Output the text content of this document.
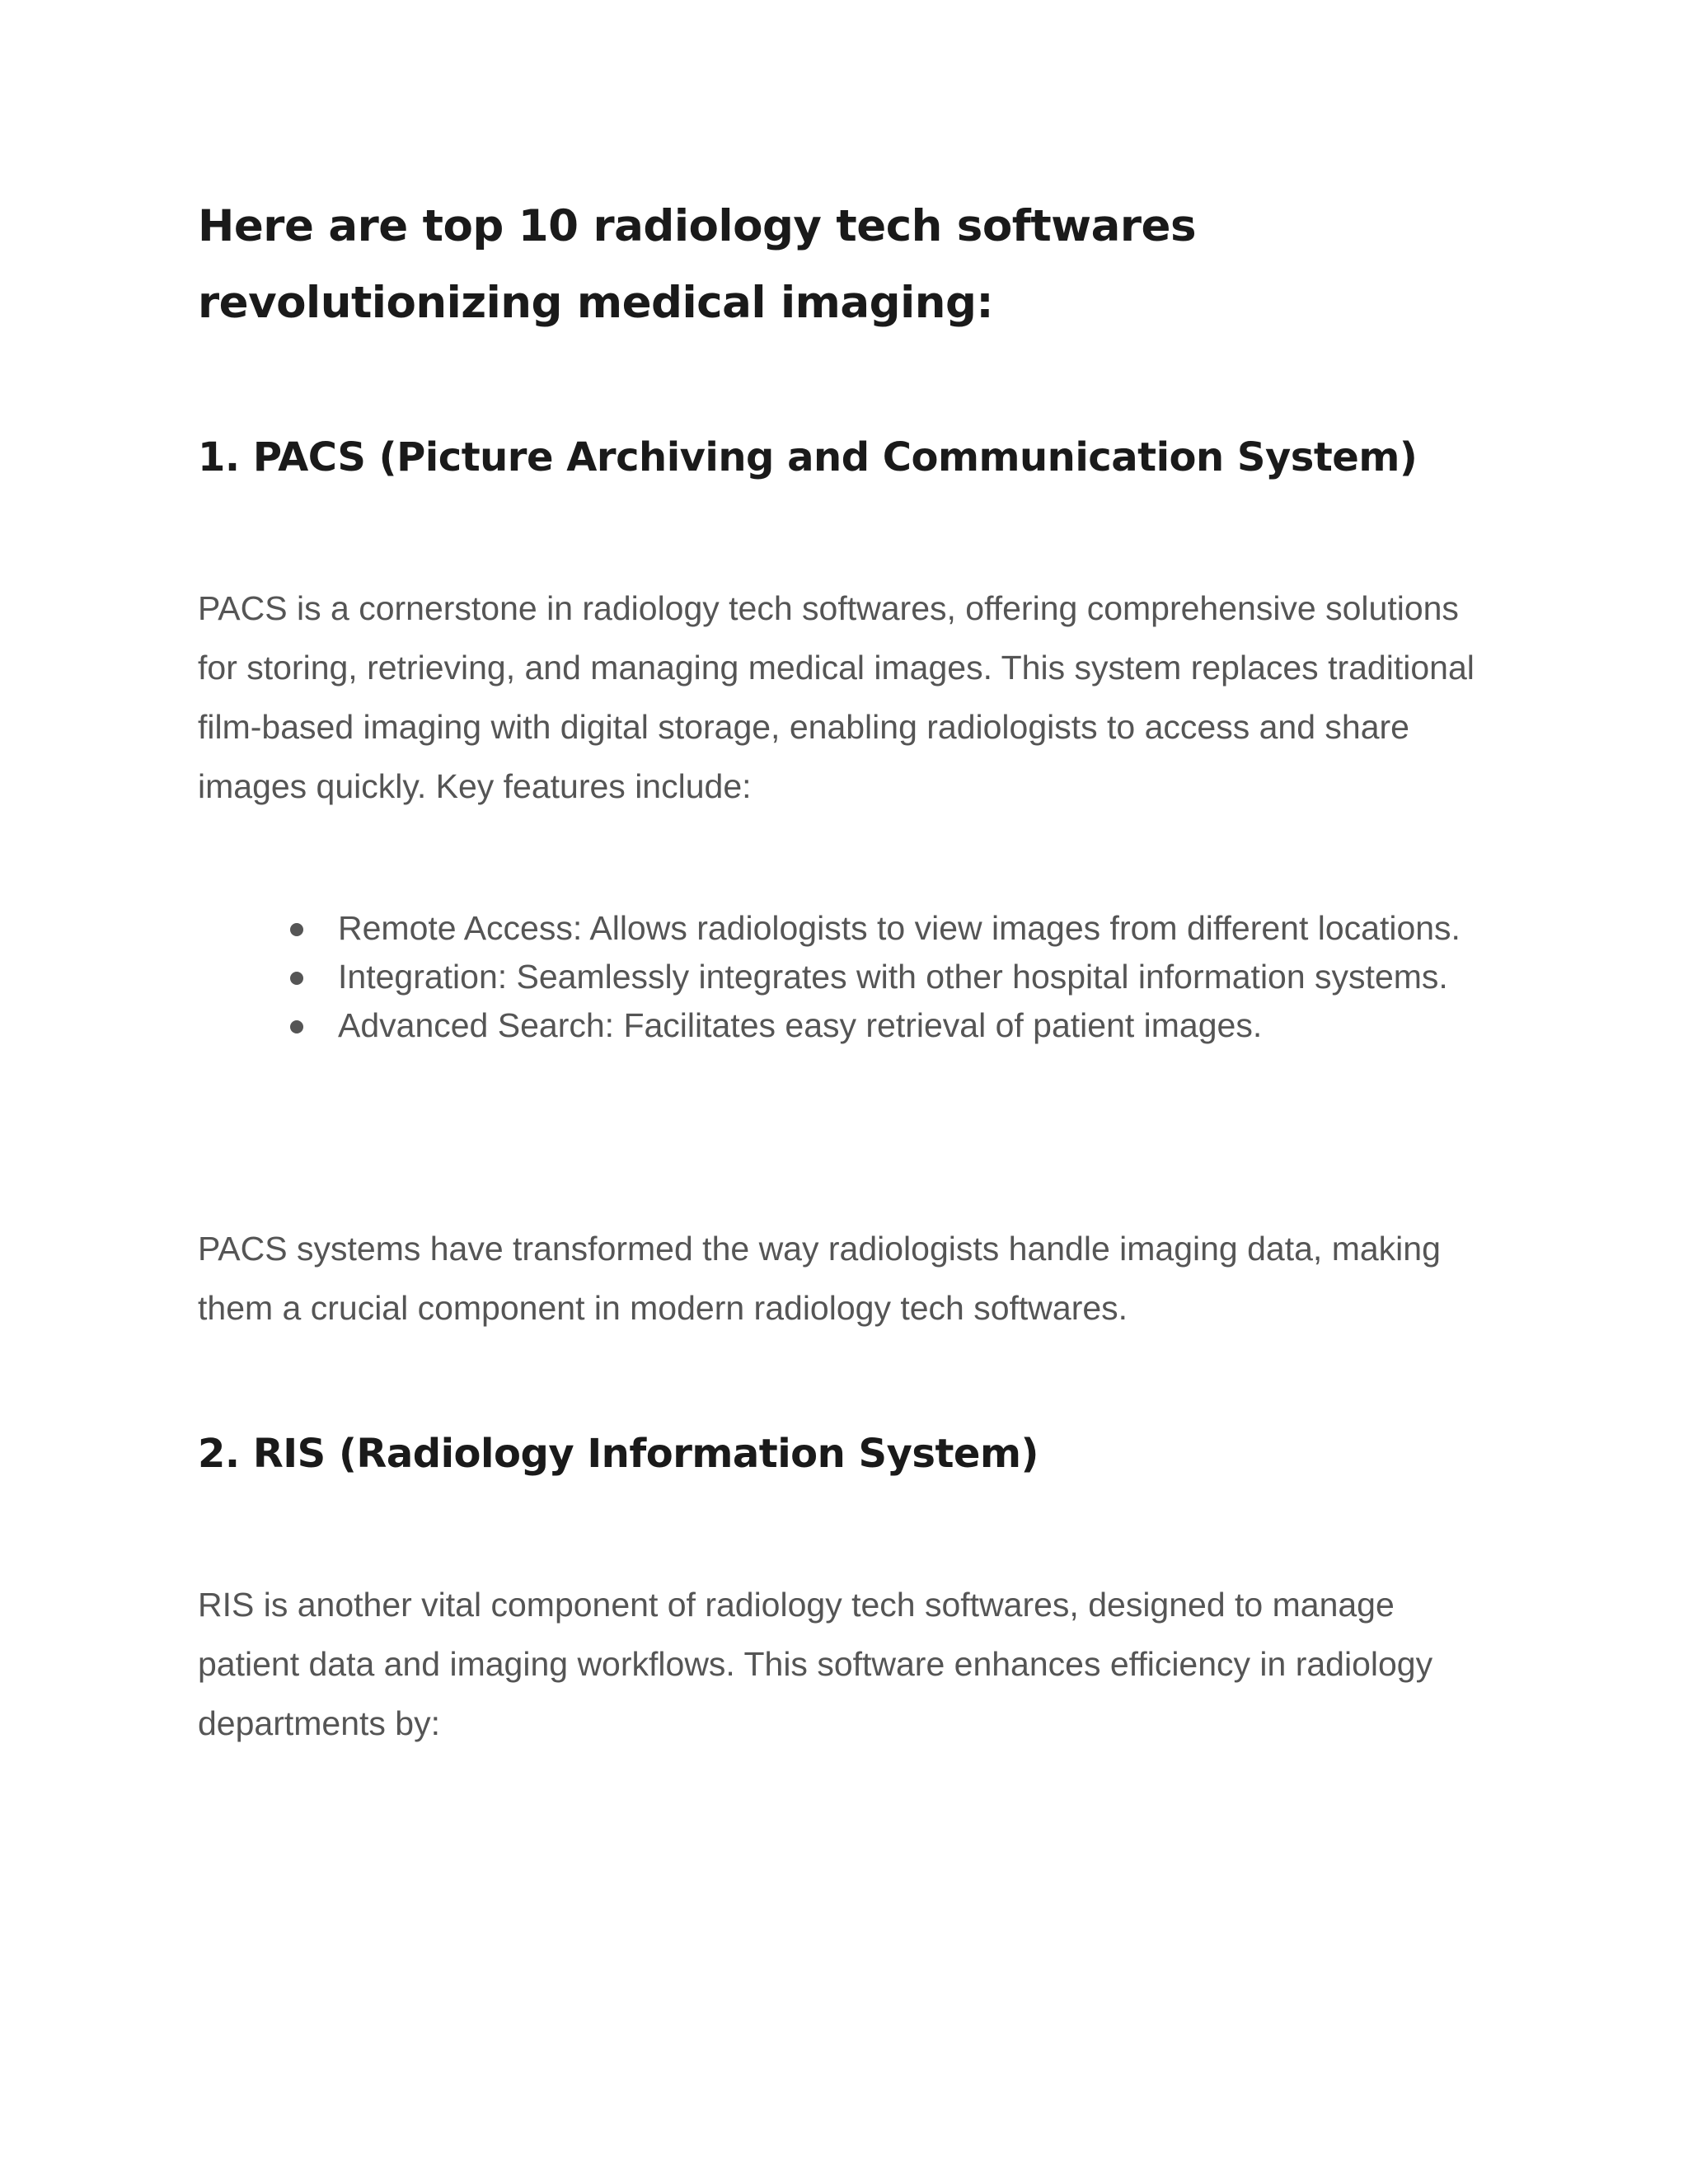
Here are top 10 radiology tech softwares revolutionizing medical imaging:
1. PACS (Picture Archiving and Communication System)

PACS is a cornerstone in radiology tech softwares, offering comprehensive solutions for storing, retrieving, and managing medical images. This system replaces traditional film-based imaging with digital storage, enabling radiologists to access and share images quickly. Key features include:

Remote Access: Allows radiologists to view images from different locations.
Integration: Seamlessly integrates with other hospital information systems.
Advanced Search: Facilitates easy retrieval of patient images.

PACS systems have transformed the way radiologists handle imaging data, making them a crucial component in modern radiology tech softwares.

2. RIS (Radiology Information System)

RIS is another vital component of radiology tech softwares, designed to manage patient data and imaging workflows. This software enhances efficiency in radiology departments by:
